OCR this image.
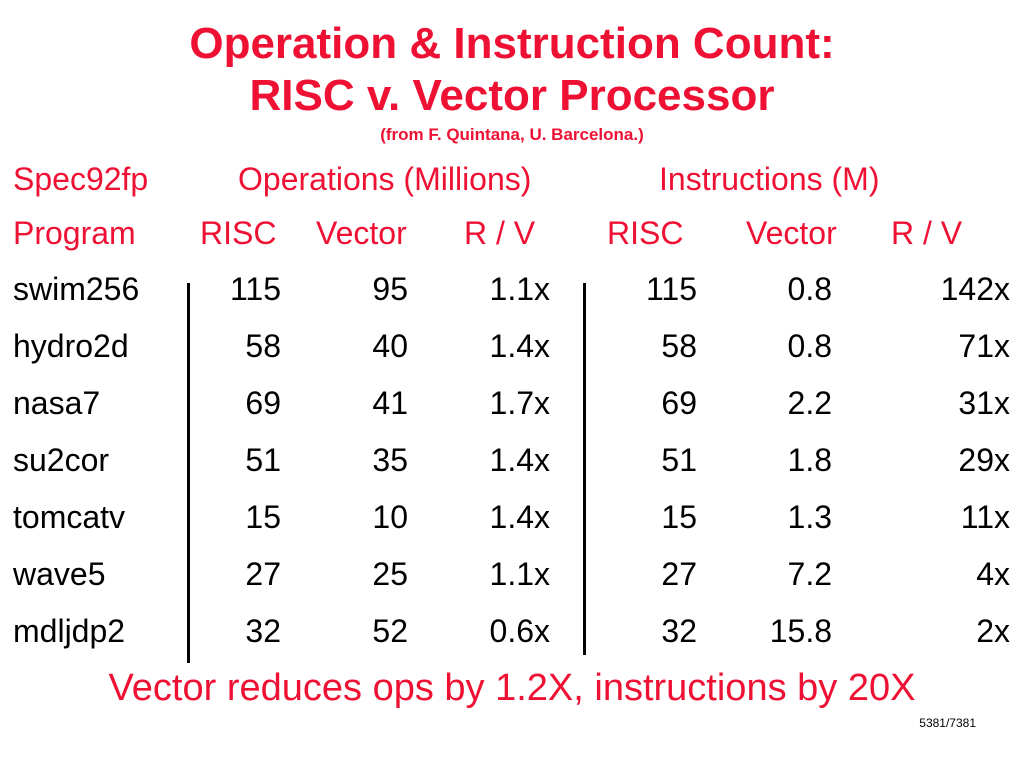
Operation & Instruction Count:
RISC v. Vector Processor
(from F. Quintana, U. Barcelona.)
Spec92fp	Operations (Millions)	Instructions (M)
Program RISC Vector R / V RISC Vector R / V
swim256	115	95	1.1x	115	0.8	142x
hydro2d	58	40	1.4x	58	0.8	71x
nasa7	69	41	1.7x	69	2.2	31x
su2cor	51	35	1.4x	51	1.8	29x
tomcatv	15	10	1.4x	15	1.3	11x
wave5	27	25	1.1x	27	7.2	4x
mdljdp2	32	52	0.6x	32 15.8	2x
Vector reduces ops by 1.2X, instructions by 20X
5381/7381
